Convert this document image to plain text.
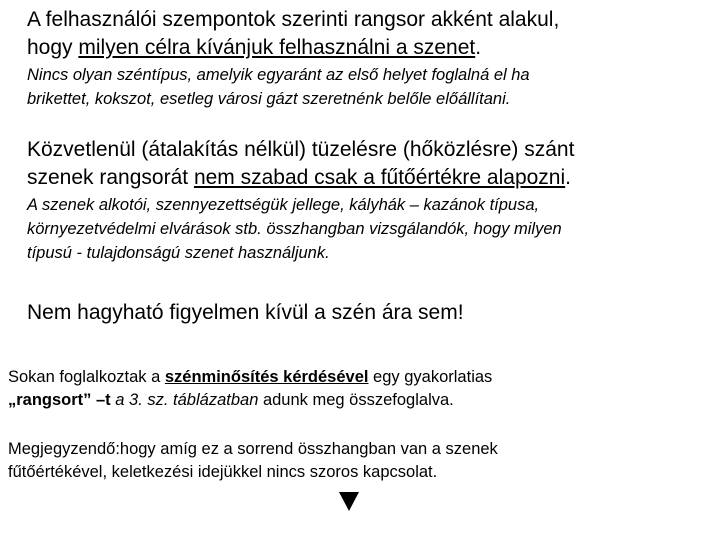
A felhasználói szempontok szerinti rangsor akként alakul,
hogy milyen célra kívánjuk felhasználni a szenet.
Nincs olyan széntípus, amelyik egyaránt az első helyet foglalná el ha
brikettet, kokszot, esetleg városi gázt szeretnénk belőle előállítani.
Közvetlenül (átalakítás nélkül) tüzelésre (hőközlésre) szánt
szenek rangsorát nem szabad csak a fűtőértékre alapozni.
A szenek alkotói, szennyezettségük jellege, kályhák – kazánok típusa,
környezetvédelmi elvárások stb. összhangban vizsgálandók, hogy milyen
típusú - tulajdonságú szenet használjunk.
Nem hagyható figyelmen kívül a szén ára sem!
Sokan foglalkoztak a szénminősítés kérdésével egy gyakorlatias
„rangsort” –t a 3. sz. táblázatban adunk meg összefoglalva.
Megjegyzendő:hogy amíg ez a sorrend összhangban van a szenek
fűtőértékével, keletkezési idejükkel nincs szoros kapcsolat.
